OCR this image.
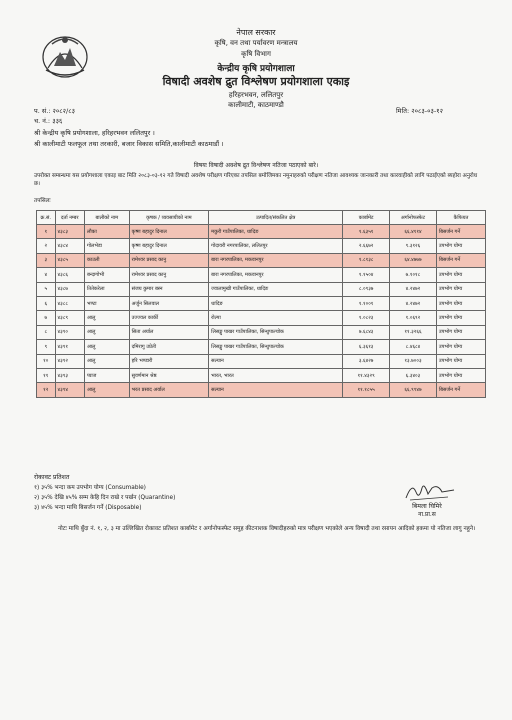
नेपाल सरकार
कृषि, वन तथा पर्यावरण मन्त्रालय
कृषि विभाग
केन्द्रीय कृषि प्रयोगशाला
विषादी अवशेष द्रुत विश्लेषण प्रयोगशाला एकाइ
हरिहरभवन, ललितपुर
कालीमाटी, काठमाण्डौ
प. सं.: २०८२/८३
च. नं.: ३३६
मिति: २०८३-०३-१२
श्री केन्द्रीय कृषि प्रयोगशाला, हरिहरभवन ललितपुर ।
श्री कालीमाटी फलफूल तथा तरकारी, बजार विकास समिति,कालीमाटी काठमाडौं ।
विषयः विषादी अवशेष द्रुत विश्लेषण नतिजा पठाएको बारे।
उपरोक्त सम्बन्धमा यस प्रयोगशाला एकाइ बाट मिति २०८३-०३-१२ गते विषादी अवशेष परीक्षण गरिएका तपसिल बमोजिमका नमुनाहरुको परीक्षण नतिजा आवश्यक जानकारी तथा कारवाहीको लागि पठाईएको ब्यहोरा अनुरोध छ।
तपसिलः
क्र.सं.	दर्ता नम्बर	बालीको नाम	कृषक / व्यवसायीको नाम	उत्पादित/संकलित क्षेत्र	कार्बामेट	अर्गानोफस्फेट	कैफियत
१	४३८३	लौका	कृष्ण बहादुर दिनाल	मकुरी गाउँपालिका, धादिङ	१.६३५१	६६.४११४	बिसर्जन गर्ने
२	४३८४	गोलभेडा	कृष्ण बहादुर दिनाल	गोदावरी नगरपालिका, ललितपुर	२.६६७२	९.३१२६	उपभोग योग्य
३	४३८५	काउली	रामेश्वर प्रसाद कानु	बारा नगरपालिका, मकवानपुर	१.८१३८	६४.४७७७	बिसर्जन गर्ने
४	४३८६	बन्दागोभी	रामेश्वर प्रसाद कानु	बारा नगरपालिका, मकवानपुर	१.१५०४	७.१०१८	उपभोग योग्य
५	४३८७	तितेकरेला	संजय कुमार बस्न	ज्वालामुखी गाउँपालिका, धादिङ	८.०९३७	४.२४७२	उपभोग योग्य
६	४३८८	भण्टा	अर्जुन सिलवाल	धादिङ	१.१००१	४.२४७२	उपभोग योग्य
७	४३८९	आलु	उज्ज्वल कार्की	रोल्पा	१.०८२३	१.०६९२	उपभोग योग्य
८	४३९०	आलु	सिता अर्याल	लिसङ्खु पाखर गाउँपालिका, सिन्धुपाल्चोक	७.६८४३	११.३२६६	उपभोग योग्य
९	४३९१	आलु	दमिरागु उप्रेती	लिसङ्खु पाखर गाउँपालिका, सिन्धुपाल्चोक	६.३६१३	८.४६८४	उपभोग योग्य
१०	४३९२	आलु	हरि भण्डारी	सल्यान	३.६४२७	१३.७००३	उपभोग योग्य
११	४३९३	प्याज	सुवर्णमान श्रेष्ठ	भारत, भारत	११.४३२९	६.३४०३	उपभोग योग्य
१२	४३९४	आलु	भरत प्रसाद अर्याल	सल्यान	११.१८५५	६६.९९४७	बिसर्जन गर्ने
रोकावट प्रतिशत
१) ३५% भन्दा कम उपभोग योग्य (Consumable)
२) ३५% देखि ४५% सम्म केहि दिन राखे र पर्खन (Quarantine)
३) ४५% भन्दा माथि बिसर्जन गर्ने (Disposable)	बिमला घिमिरे
ना.प्रा.स
नोटः माथि बुँदा नं. १, २, ३ मा उल्लिखित रोकावट प्रतिशत कार्बामेट र अर्गानोफस्फेट समुह कीटनाशक विषादीहरुको मात्र परीक्षण भएकोले अन्य विषादी तथा रसायन आदिको हकमा यो नतिजा लागु नहुने।
